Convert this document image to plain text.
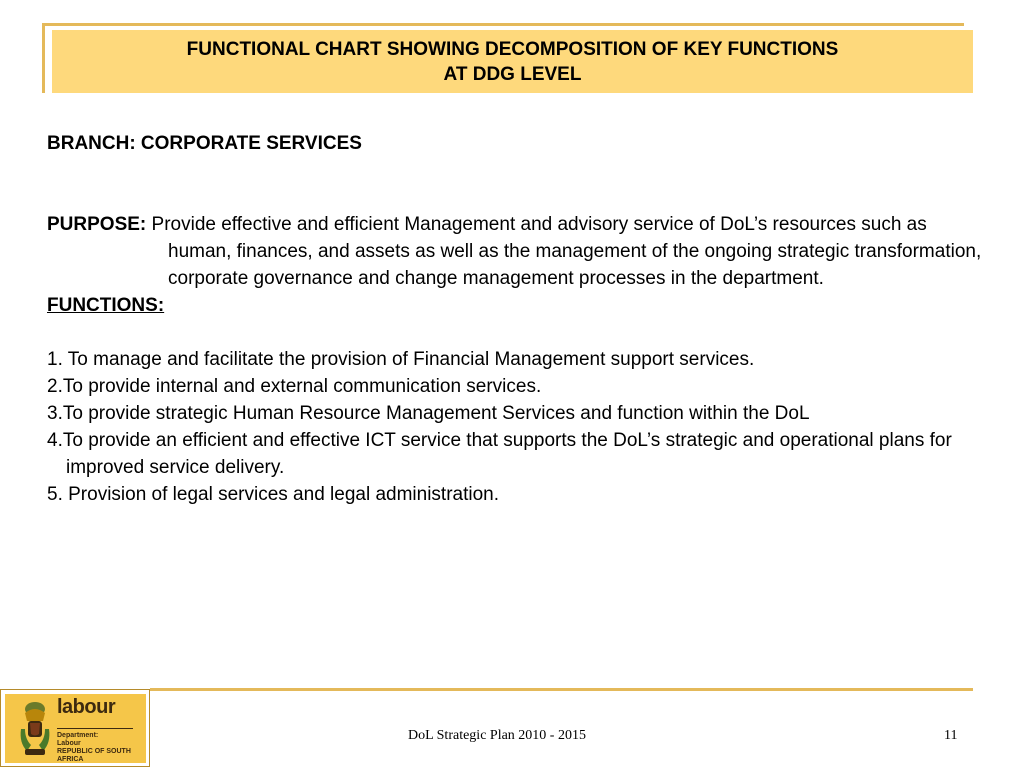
FUNCTIONAL CHART SHOWING DECOMPOSITION OF KEY FUNCTIONS
AT DDG LEVEL

BRANCH: CORPORATE SERVICES

PURPOSE: Provide effective and efficient Management and advisory service of DoL’s resources such as human, finances, and assets as well as the management of the ongoing strategic transformation, corporate governance and change management processes in the department.

FUNCTIONS:

1. To manage and facilitate the provision of Financial Management support services.
2.To provide internal and external communication services.
3.To provide strategic Human Resource Management Services and function within the DoL
4.To provide an efficient and effective ICT service that supports the DoL’s strategic and operational plans for improved service delivery.
5. Provision of legal services and legal administration.
labour
Department:
Labour
REPUBLIC OF SOUTH AFRICA
DoL Strategic Plan 2010 - 2015	11
